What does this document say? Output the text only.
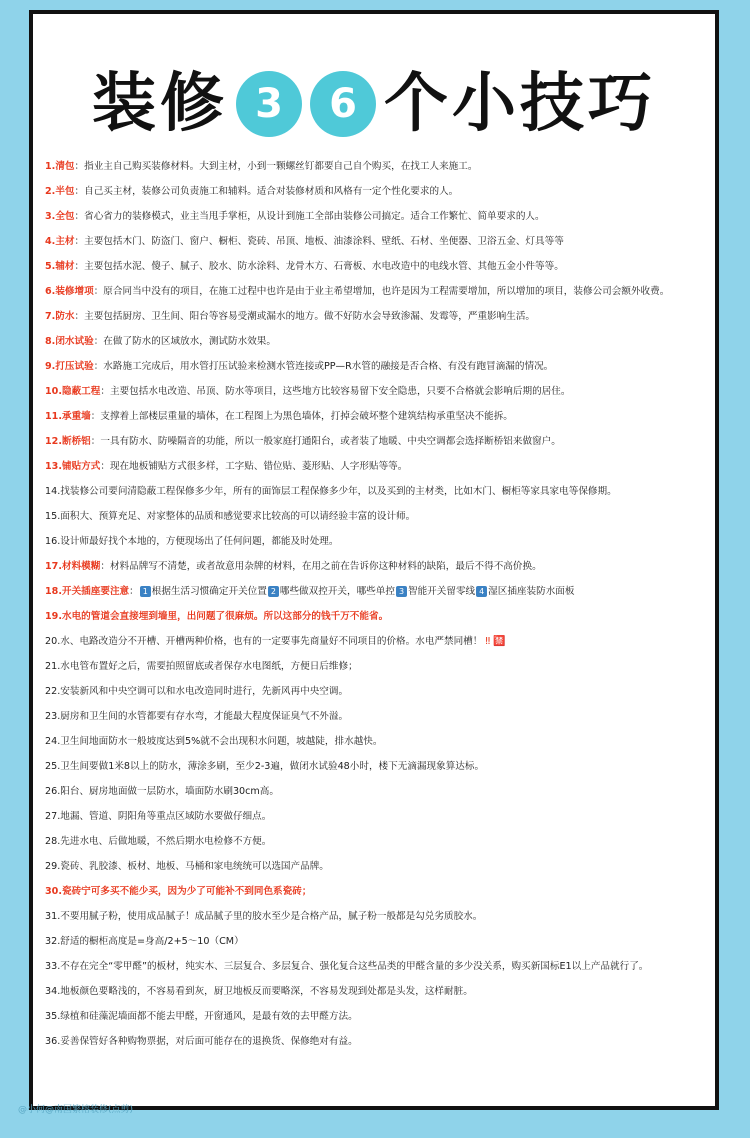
装修 3	6 个小技巧
1.清包：指业主自己购买装修材料。大到主材，小到一颗螺丝钉都要自己自个购买，在找工人来施工。
2.半包：自己买主材，装修公司负责施工和辅料。适合对装修材质和风格有一定个性化要求的人。
3.全包：省心省力的装修模式，业主当甩手掌柜，从设计到施工全部由装修公司搞定。适合工作繁忙、简单要求的人。
4.主材：主要包括木门、防盗门、窗户、橱柜、瓷砖、吊顶、地板、油漆涂料、壁纸、石材、坐便器、卫浴五金、灯具等等
5.辅材：主要包括水泥、傻子、腻子、胶水、防水涂料、龙骨木方、石膏板、水电改造中的电线水管、其他五金小件等等。
6.装修增项：原合同当中没有的项目，在施工过程中也许是由于业主希望增加，也许是因为工程需要增加，所以增加的项目，装修公司会额外收费。
7.防水：主要包括厨房、卫生间、阳台等容易受潮或漏水的地方。做不好防水会导致渗漏、发霉等，严重影响生活。
8.闭水试验：在做了防水的区域放水，测试防水效果。
9.打压试验：水路施工完成后，用水管打压试验来检测水管连接或PP—R水管的融接是否合格、有没有跑冒滴漏的情况。
10.隐蔽工程：主要包括水电改造、吊顶、防水等项目，这些地方比较容易留下安全隐患，只要不合格就会影响后期的居住。
11.承重墙：支撑着上部楼层重量的墙体，在工程图上为黑色墙体，打掉会破坏整个建筑结构承重坚决不能拆。
12.断桥铝：一具有防水、防噪隔音的功能，所以一般家庭打通阳台，或者装了地暖、中央空调都会选择断桥铝来做窗户。
13.铺贴方式：现在地板铺贴方式很多样，工字贴、错位贴、菱形贴、人字形贴等等。
14.找装修公司要问清隐蔽工程保修多少年，所有的面饰层工程保修多少年，以及买到的主材类，比如木门、橱柜等家具家电等保修期。
15.面积大、预算充足、对家整体的品质和感觉要求比较高的可以请经验丰富的设计师。
16.设计师最好找个本地的，方便现场出了任何问题，都能及时处理。
17.材料模糊：材料品牌写不清楚，或者故意用杂牌的材料，在用之前在告诉你这种材料的缺陷，最后不得不高价换。
18.开关插座要注意： 1 根据生活习惯确定开关位置 2 哪些做双控开关，哪些单控 3 智能开关留零线 4 湿区插座装防水面板
19.水电的管道会直接埋到墙里，出问题了很麻烦。所以这部分的钱千万不能省。
20.水、电路改造分不开槽、开槽两种价格，也有的一定要事先商量好不同项目的价格。水电严禁同槽！ ‼ 🈲
21.水电管布置好之后，需要拍照留底或者保存水电图纸，方便日后维修；
22.安装新风和中央空调可以和水电改造同时进行，先新风再中央空调。
23.厨房和卫生间的水管都要有存水弯，才能最大程度保证臭气不外溢。
24.卫生间地面防水一般坡度达到5%就不会出现积水问题，坡越陡，排水越快。
25.卫生间要做1米8以上的防水，薄涂多刷，至少2-3遍，做闭水试验48小时，楼下无滴漏现象算达标。
26.阳台、厨房地面做一层防水，墙面防水刷30cm高。
27.地漏、管道、阴阳角等重点区域防水要做仔细点。
28.先进水电、后做地暖，不然后期水电检修不方便。
29.瓷砖、乳胶漆、板材、地板、马桶和家电统统可以选国产品牌。
30.瓷砖宁可多买不能少买，因为少了可能补不到同色系瓷砖；
31.不要用腻子粉，使用成品腻子！成品腻子里的胶水至少是合格产品，腻子粉一般都是勾兑劣质胶水。
32.舒适的橱柜高度是=身高/2+5～10（CM）
33.不存在完全“零甲醛”的板材，纯实木、三层复合、多层复合、强化复合这些品类的甲醛含量的多少没关系，购买新国标E1以上产品就行了。
34.地板颜色要略浅的，不容易看到灰，厨卫地板反而要略深，不容易发现到处都是头发，这样耐脏。
35.绿植和硅藻泥墙面都不能去甲醛，开窗通风，是最有效的去甲醛方法。
36.妥善保管好各种购物票据，对后面可能存在的退换货、保修绝对有益。
@小何@南国繁榕装修(点剪)
